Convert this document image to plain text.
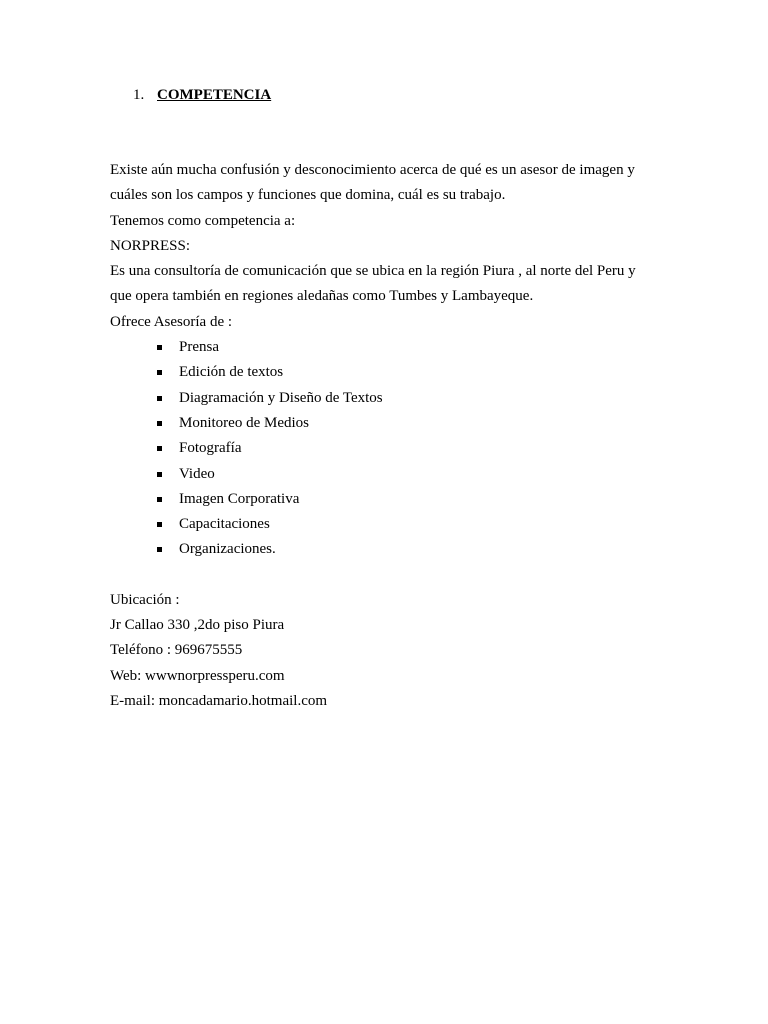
1. COMPETENCIA
Existe aún mucha confusión y desconocimiento acerca de qué es un asesor de imagen y
cuáles son los campos y funciones que domina, cuál es su trabajo.
Tenemos como competencia a:
NORPRESS:
Es una consultoría de comunicación que se ubica en la región Piura , al norte del Peru y
que opera también en regiones aledañas como Tumbes y Lambayeque.
Ofrece Asesoría de :
Prensa
Edición de textos
Diagramación y Diseño de Textos
Monitoreo de Medios
Fotografía
Video
Imagen Corporativa
Capacitaciones
Organizaciones.
Ubicación :
Jr Callao 330 ,2do piso Piura
Teléfono : 969675555
Web: wwwnorpressperu.com
E-mail: moncadamario.hotmail.com
